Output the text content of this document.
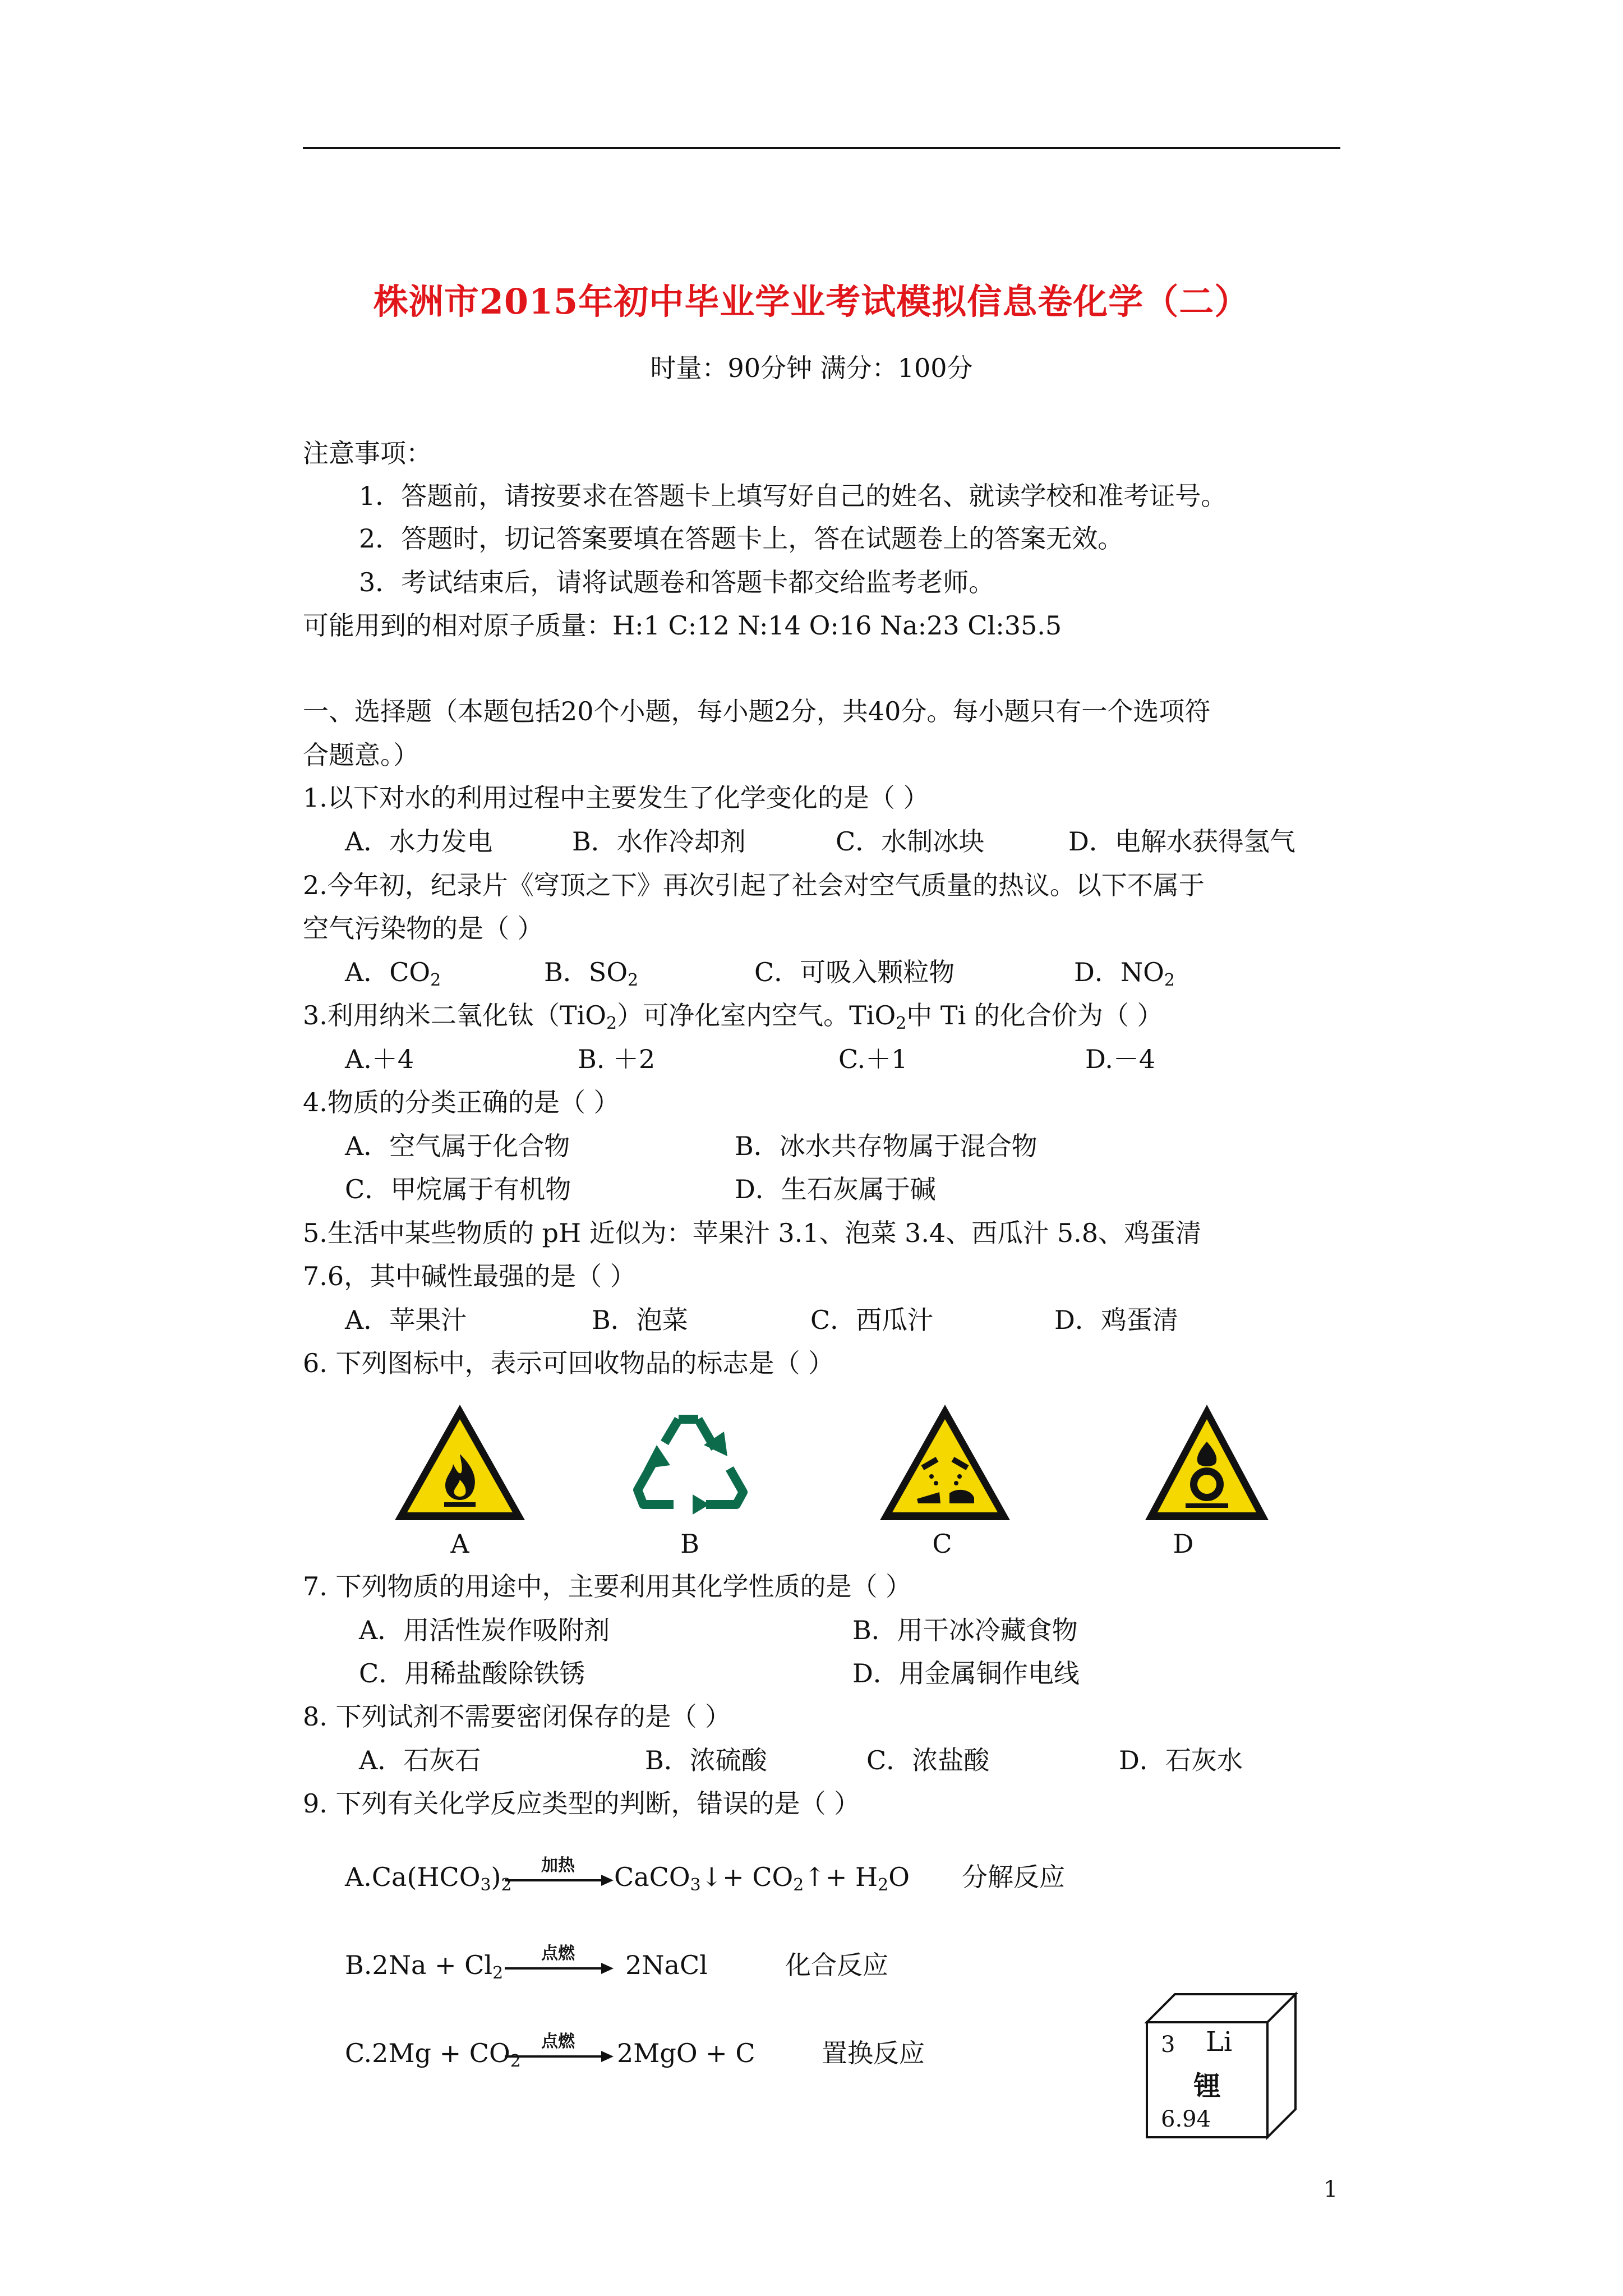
株洲市2015年初中毕业学业考试模拟信息卷化学（二）
时量：90分钟 满分：100分
注意事项：
1．答题前，请按要求在答题卡上填写好自己的姓名、就读学校和准考证号。
2．答题时，切记答案要填在答题卡上，答在试题卷上的答案无效。
3．考试结束后，请将试题卷和答题卡都交给监考老师。
可能用到的相对原子质量：H:1 C:12 N:14 O:16 Na:23 Cl:35.5
一、选择题（本题包括20个小题，每小题2分，共40分。每小题只有一个选项符
合题意。）
1.以下对水的利用过程中主要发生了化学变化的是（ ）
A．水力发电	B．水作冷却剂	C．水制冰块	D．电解水获得氢气
2.今年初，纪录片《穹顶之下》再次引起了社会对空气质量的热议。以下不属于
空气污染物的是（ ）
A．$CO_2$	B．$SO_2$	C．可吸入颗粒物	D．$NO_2$
3.利用纳米二氧化钛（TiO$_2$）可净化室内空气。TiO$_2$中 Ti 的化合价为（ ）
A.＋4	B. ＋2	C.＋1	D.－4
4.物质的分类正确的是（ ）
A．空气属于化合物	B．冰水共存物属于混合物
C．甲烷属于有机物	D．生石灰属于碱
5.生活中某些物质的 pH 近似为：苹果汁 3.1、泡菜 3.4、西瓜汁 5.8、鸡蛋清
7.6，其中碱性最强的是（ ）
A．苹果汁	B．泡菜	C．西瓜汁	D．鸡蛋清
6. 下列图标中，表示可回收物品的标志是（ ）
A	B	C	D
7. 下列物质的用途中，主要利用其化学性质的是（ ）
A．用活性炭作吸附剂	B．用干冰冷藏食物
C．用稀盐酸除铁锈	D．用金属铜作电线
8. 下列试剂不需要密闭保存的是（ ）
A．石灰石	B．浓硫酸	C．浓盐酸	D．石灰水
9. 下列有关化学反应类型的判断，错误的是（ ）
$A.Ca(HCO_3)_2$
加热	CaCO$_3$↓+ $CO_2↑+ H_2O$ 分解反应
$B.2Na + Cl_2$
点燃	2NaCl	化合反应
$C.2Mg + CO_2$
点燃	2MgO + C	置换反应	3 Li
锂
6.94
1
